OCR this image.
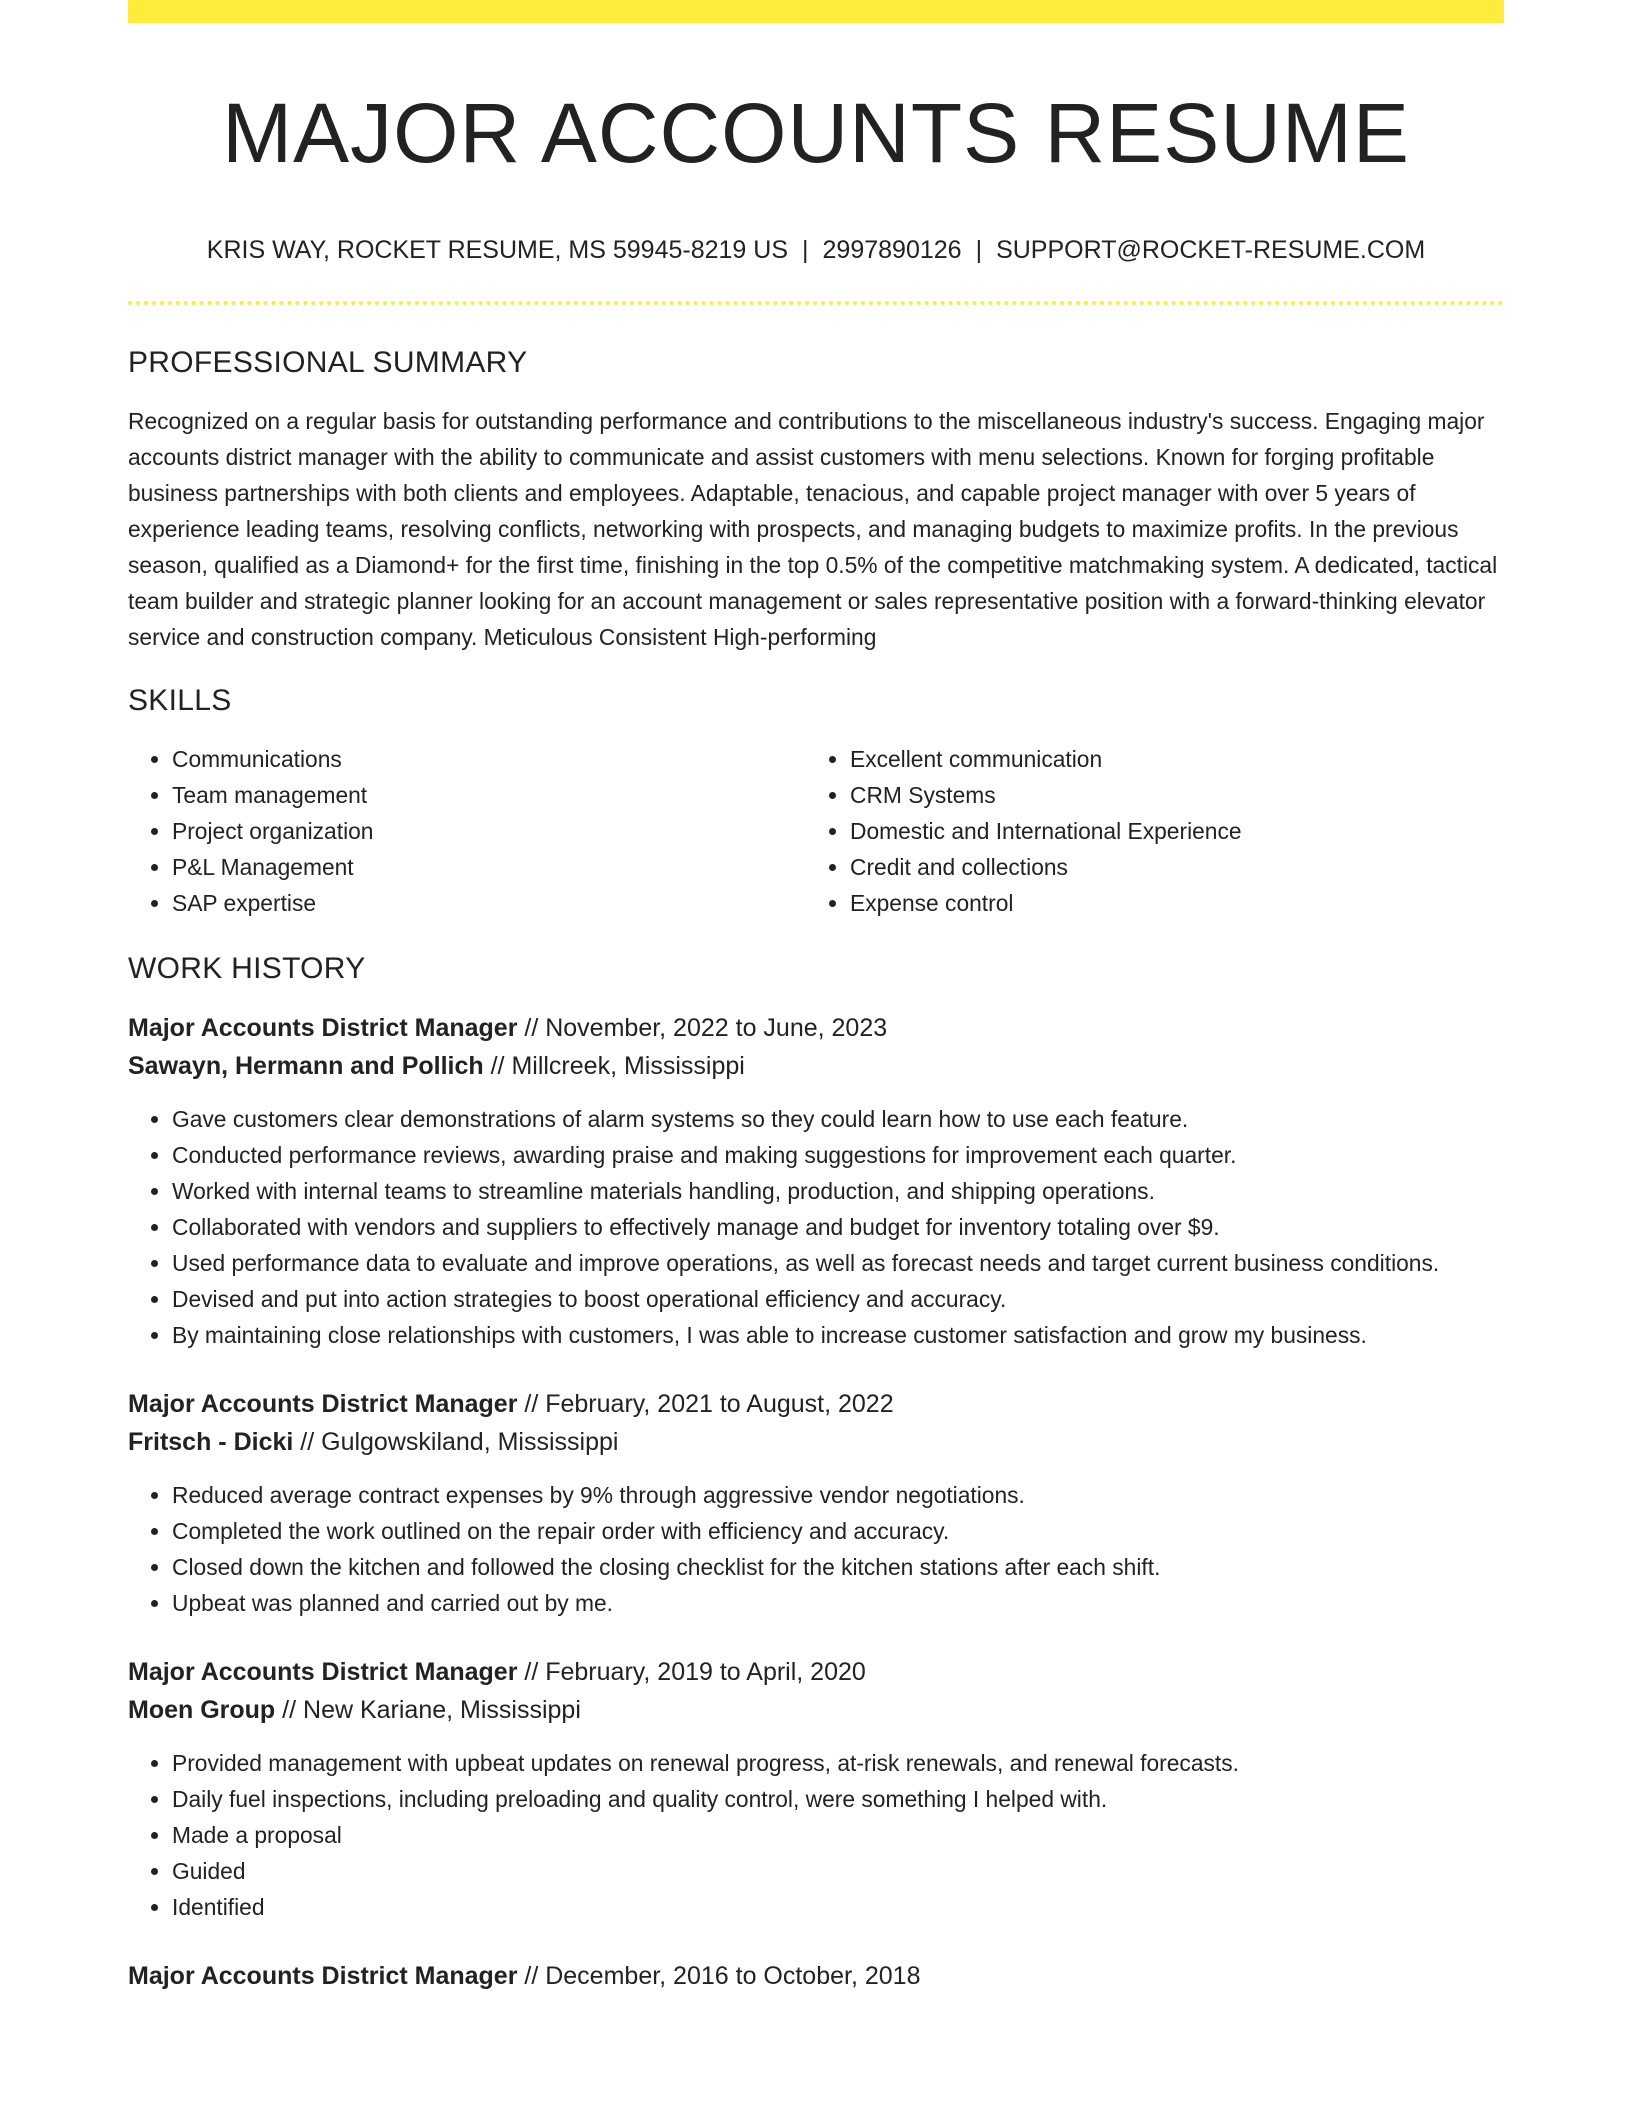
MAJOR ACCOUNTS RESUME
KRIS WAY, ROCKET RESUME, MS 59945-8219 US | 2997890126 | SUPPORT@ROCKET-RESUME.COM
PROFESSIONAL SUMMARY
Recognized on a regular basis for outstanding performance and contributions to the miscellaneous industry's success. Engaging major accounts district manager with the ability to communicate and assist customers with menu selections. Known for forging profitable business partnerships with both clients and employees. Adaptable, tenacious, and capable project manager with over 5 years of experience leading teams, resolving conflicts, networking with prospects, and managing budgets to maximize profits. In the previous season, qualified as a Diamond+ for the first time, finishing in the top 0.5% of the competitive matchmaking system. A dedicated, tactical team builder and strategic planner looking for an account management or sales representative position with a forward-thinking elevator service and construction company. Meticulous Consistent High-performing
SKILLS
• Communications
• Team management
• Project organization
• P&L Management
• SAP expertise
• Excellent communication
• CRM Systems
• Domestic and International Experience
• Credit and collections
• Expense control
WORK HISTORY
Major Accounts District Manager // November, 2022 to June, 2023
Sawayn, Hermann and Pollich // Millcreek, Mississippi
• Gave customers clear demonstrations of alarm systems so they could learn how to use each feature.
• Conducted performance reviews, awarding praise and making suggestions for improvement each quarter.
• Worked with internal teams to streamline materials handling, production, and shipping operations.
• Collaborated with vendors and suppliers to effectively manage and budget for inventory totaling over $9.
• Used performance data to evaluate and improve operations, as well as forecast needs and target current business conditions.
• Devised and put into action strategies to boost operational efficiency and accuracy.
• By maintaining close relationships with customers, I was able to increase customer satisfaction and grow my business.
Major Accounts District Manager // February, 2021 to August, 2022
Fritsch - Dicki // Gulgowskiland, Mississippi
• Reduced average contract expenses by 9% through aggressive vendor negotiations.
• Completed the work outlined on the repair order with efficiency and accuracy.
• Closed down the kitchen and followed the closing checklist for the kitchen stations after each shift.
• Upbeat was planned and carried out by me.
Major Accounts District Manager // February, 2019 to April, 2020
Moen Group // New Kariane, Mississippi
• Provided management with upbeat updates on renewal progress, at-risk renewals, and renewal forecasts.
• Daily fuel inspections, including preloading and quality control, were something I helped with.
• Made a proposal
• Guided
• Identified
Major Accounts District Manager // December, 2016 to October, 2018
